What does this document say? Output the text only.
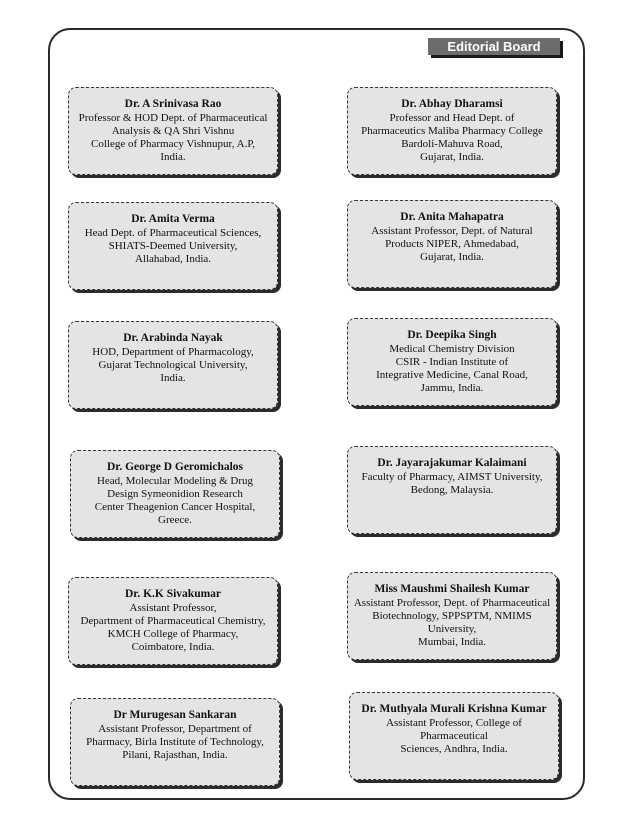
Editorial Board
Dr. A Srinivasa Rao
Professor & HOD Dept. of Pharmaceutical
Analysis & QA Shri Vishnu
College of Pharmacy Vishnupur, A.P,
India.
Dr. Abhay Dharamsi
Professor and Head Dept. of
Pharmaceutics Maliba Pharmacy College
Bardoli-Mahuva Road,
Gujarat, India.
Dr. Amita Verma
Head Dept. of Pharmaceutical Sciences,
SHIATS-Deemed University,
Allahabad, India.
Dr. Anita Mahapatra
Assistant Professor, Dept. of Natural
Products NIPER, Ahmedabad,
Gujarat, India.
Dr. Arabinda Nayak
HOD, Department of Pharmacology,
Gujarat Technological University,
India.
Dr. Deepika Singh
Medical Chemistry Division
CSIR - Indian Institute of
Integrative Medicine, Canal Road,
Jammu, India.
Dr. George D Geromichalos
Head, Molecular Modeling & Drug
Design Symeonidion Research
Center Theagenion Cancer Hospital,
Greece.
Dr. Jayarajakumar Kalaimani
Faculty of Pharmacy, AIMST University,
Bedong, Malaysia.
Dr. K.K Sivakumar
Assistant Professor,
Department of Pharmaceutical Chemistry,
KMCH College of Pharmacy,
Coimbatore, India.
Miss Maushmi Shailesh Kumar
Assistant Professor, Dept. of Pharmaceutical
Biotechnology, SPPSPTM, NMIMS University,
Mumbai, India.
Dr Murugesan Sankaran
Assistant Professor, Department of
Pharmacy, Birla Institute of Technology,
Pilani, Rajasthan, India.
Dr. Muthyala Murali Krishna Kumar
Assistant Professor, College of
Pharmaceutical
Sciences, Andhra, India.
